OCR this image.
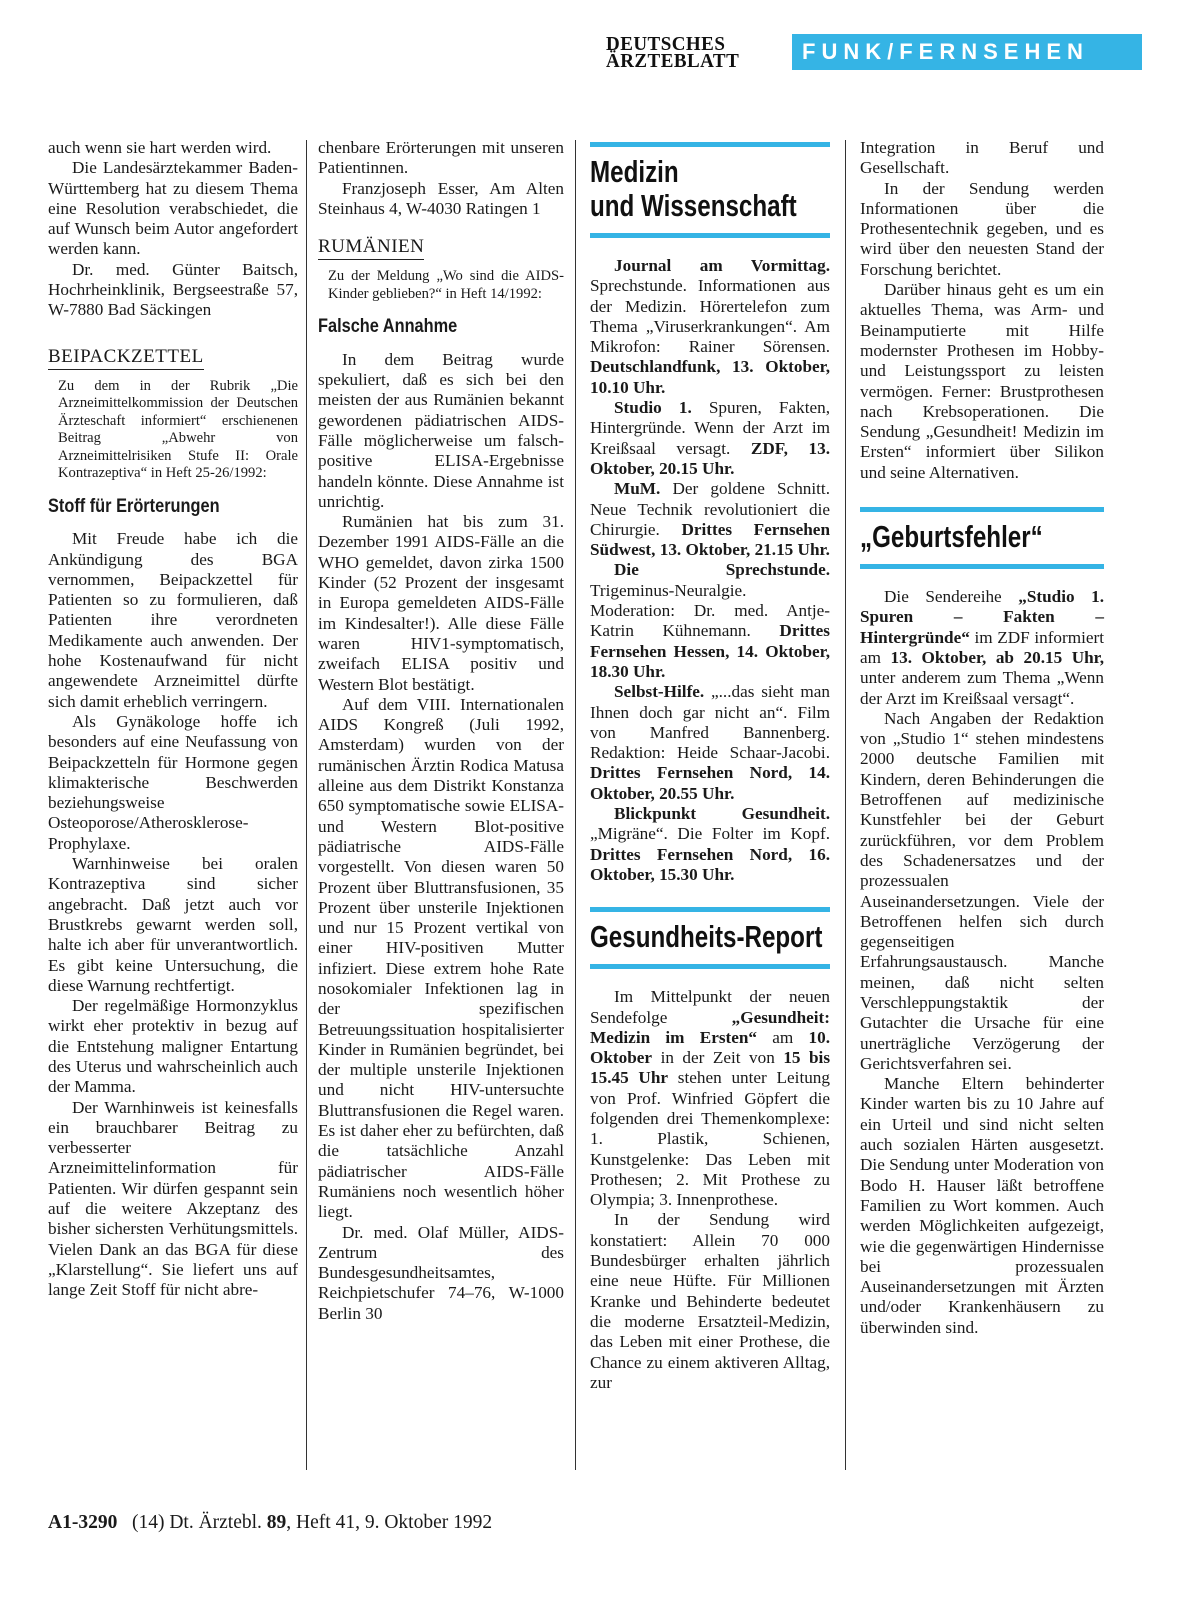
DEUTSCHES
ÄRZTEBLATT	FUNK/FERNSEHEN

auch wenn sie hart werden wird.

Die Landesärztekammer Baden-Württemberg hat zu diesem Thema eine Resolution verabschiedet, die auf Wunsch beim Autor angefordert werden kann.

Dr. med. Günter Baitsch, Hochrheinklinik, Bergseestraße 57, W-7880 Bad Säckingen

BEIPACKZETTEL

Zu dem in der Rubrik „Die Arzneimittelkommission der Deutschen Ärzteschaft informiert“ erschienenen Beitrag „Abwehr von Arzneimittelrisiken Stufe II: Orale Kontrazeptiva“ in Heft 25-26/1992:

Stoff für Erörterungen

Mit Freude habe ich die Ankündigung des BGA vernommen, Beipackzettel für Patienten so zu formulieren, daß Patienten ihre verordneten Medikamente auch anwenden. Der hohe Kostenaufwand für nicht angewendete Arzneimittel dürfte sich damit erheblich verringern.

Als Gynäkologe hoffe ich besonders auf eine Neufassung von Beipackzetteln für Hormone gegen klimakterische Beschwerden beziehungsweise Osteoporose/Atherosklerose-Prophylaxe.

Warnhinweise bei oralen Kontrazeptiva sind sicher angebracht. Daß jetzt auch vor Brustkrebs gewarnt werden soll, halte ich aber für unverantwortlich. Es gibt keine Untersuchung, die diese Warnung rechtfertigt.

Der regelmäßige Hormonzyklus wirkt eher protektiv in bezug auf die Entstehung maligner Entartung des Uterus und wahrscheinlich auch der Mamma.

Der Warnhinweis ist keinesfalls ein brauchbarer Beitrag zu verbesserter Arzneimittelinformation für Patienten. Wir dürfen gespannt sein auf die weitere Akzeptanz des bisher sichersten Verhütungsmittels. Vielen Dank an das BGA für diese „Klarstellung“. Sie liefert uns auf lange Zeit Stoff für nicht abre-

chenbare Erörterungen mit unseren Patientinnen.

Franzjoseph Esser, Am Alten Steinhaus 4, W-4030 Ratingen 1

RUMÄNIEN

Zu der Meldung „Wo sind die AIDS-Kinder geblieben?“ in Heft 14/1992:

Falsche Annahme

In dem Beitrag wurde spekuliert, daß es sich bei den meisten der aus Rumänien bekannt gewordenen pädiatrischen AIDS-Fälle möglicherweise um falsch-positive ELISA-Ergebnisse handeln könnte. Diese Annahme ist unrichtig.

Rumänien hat bis zum 31. Dezember 1991 AIDS-Fälle an die WHO gemeldet, davon zirka 1500 Kinder (52 Prozent der insgesamt in Europa gemeldeten AIDS-Fälle im Kindesalter!). Alle diese Fälle waren HIV1-symptomatisch, zweifach ELISA positiv und Western Blot bestätigt.

Auf dem VIII. Internationalen AIDS Kongreß (Juli 1992, Amsterdam) wurden von der rumänischen Ärztin Rodica Matusa alleine aus dem Distrikt Konstanza 650 symptomatische sowie ELISA- und Western Blot-positive pädiatrische AIDS-Fälle vorgestellt. Von diesen waren 50 Prozent über Bluttransfusionen, 35 Prozent über unsterile Injektionen und nur 15 Prozent vertikal von einer HIV-positiven Mutter infiziert. Diese extrem hohe Rate nosokomialer Infektionen lag in der spezifischen Betreuungssituation hospitalisierter Kinder in Rumänien begründet, bei der multiple unsterile Injektionen und nicht HIV-untersuchte Bluttransfusionen die Regel waren. Es ist daher eher zu befürchten, daß die tatsächliche Anzahl pädiatrischer AIDS-Fälle Rumäniens noch wesentlich höher liegt.

Dr. med. Olaf Müller, AIDS-Zentrum des Bundesgesundheitsamtes, Reichpietschufer 74–76, W-1000 Berlin 30

Medizin
und Wissenschaft

Journal am Vormittag. Sprechstunde. Informationen aus der Medizin. Hörertelefon zum Thema „Viruserkrankungen“. Am Mikrofon: Rainer Sörensen. Deutschlandfunk, 13. Oktober, 10.10 Uhr.

Studio 1. Spuren, Fakten, Hintergründe. Wenn der Arzt im Kreißsaal versagt. ZDF, 13. Oktober, 20.15 Uhr.

MuM. Der goldene Schnitt. Neue Technik revolutioniert die Chirurgie. Drittes Fernsehen Südwest, 13. Oktober, 21.15 Uhr.

Die Sprechstunde. Trigeminus-Neuralgie. Moderation: Dr. med. Antje-Katrin Kühnemann. Drittes Fernsehen Hessen, 14. Oktober, 18.30 Uhr.

Selbst-Hilfe. „...das sieht man Ihnen doch gar nicht an“. Film von Manfred Bannenberg. Redaktion: Heide Schaar-Jacobi. Drittes Fernsehen Nord, 14. Oktober, 20.55 Uhr.

Blickpunkt Gesundheit. „Migräne“. Die Folter im Kopf. Drittes Fernsehen Nord, 16. Oktober, 15.30 Uhr.

Gesundheits-Report

Im Mittelpunkt der neuen Sendefolge	„Gesundheit: Medizin im Ersten“ am 10. Oktober in der Zeit von 15 bis 15.45 Uhr stehen unter Leitung von Prof. Winfried Göpfert die folgenden drei Themenkomplexe: 1. Plastik, Schienen, Kunstgelenke: Das Leben mit Prothesen; 2. Mit Prothese zu Olympia; 3. Innenprothese.

In der Sendung wird konstatiert: Allein 70 000 Bundesbürger erhalten jährlich eine neue Hüfte. Für Millionen Kranke und Behinderte bedeutet die moderne Ersatzteil-Medizin, das Leben mit einer Prothese, die Chance zu einem aktiveren Alltag, zur

Integration in Beruf und Gesellschaft.

In der Sendung werden Informationen über die Prothesentechnik gegeben, und es wird über den neuesten Stand der Forschung berichtet.

Darüber hinaus geht es um ein aktuelles Thema, was Arm- und Beinamputierte mit Hilfe modernster Prothesen im Hobby- und Leistungssport zu leisten vermögen. Ferner: Brustprothesen nach Krebsoperationen. Die Sendung „Gesundheit! Medizin im Ersten“ informiert über Silikon und seine Alternativen.

„Geburtsfehler“

Die Sendereihe „Studio 1. Spuren – Fakten – Hintergründe“ im ZDF informiert am 13. Oktober, ab 20.15 Uhr, unter anderem zum Thema „Wenn der Arzt im Kreißsaal versagt“.

Nach Angaben der Redaktion von „Studio 1“ stehen mindestens 2000 deutsche Familien mit Kindern, deren Behinderungen die Betroffenen auf medizinische Kunstfehler bei der Geburt zurückführen, vor dem Problem des Schadenersatzes und der prozessualen Auseinandersetzungen. Viele der Betroffenen helfen sich durch gegenseitigen Erfahrungsaustausch. Manche meinen, daß nicht selten Verschleppungstaktik der Gutachter die Ursache für eine unerträgliche Verzögerung der Gerichtsverfahren sei.

Manche Eltern behinderter Kinder warten bis zu 10 Jahre auf ein Urteil und sind nicht selten auch sozialen Härten ausgesetzt. Die Sendung unter Moderation von Bodo H. Hauser läßt betroffene Familien zu Wort kommen. Auch werden Möglichkeiten aufgezeigt, wie die gegenwärtigen Hindernisse bei prozessualen Auseinandersetzungen mit Ärzten und/oder Krankenhäusern zu überwinden sind.

A1-3290 (14) Dt. Ärztebl. 89, Heft 41, 9. Oktober 1992
